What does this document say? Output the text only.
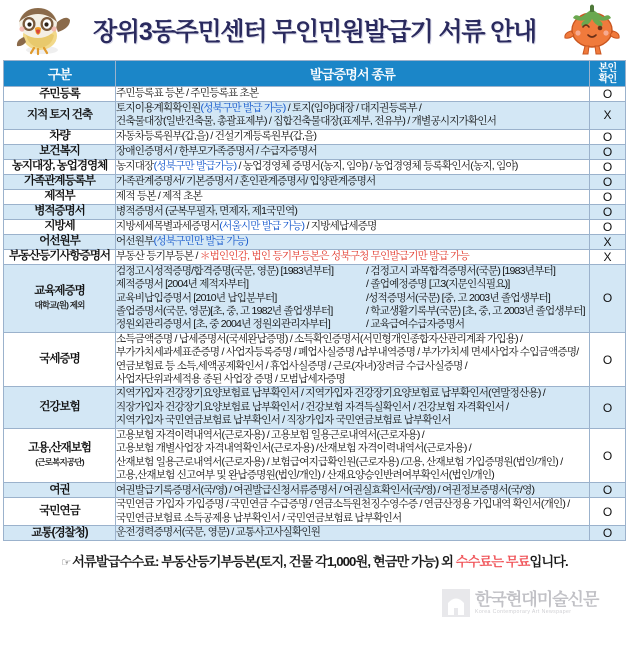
장위3동주민센터 무인민원발급기 서류 안내
구분	발급증명서 종류	본인
확인

주민등록	주민등록표 등본 / 주민등록표 초본	O
지적 토지 건축	토지이용계획확인원(성북구만 발급 가능) / 토지(임야)대장 / 대지권등록부 /
건축물대장(일반건축물, 총괄표제부) / 집합건축물대장(표제부, 전유부) / 개별공시지가확인서	X
차량	자동차등록원부(갑,을) / 건설기계등록원부(갑,을)	O
보건복지	장애인증명서 / 한부모가족증명서 / 수급자증명서	O
농지대장, 농업경영체	농지대장(성북구만 발급가능) / 농업경영체 증명서(농지, 임야) / 농업경영체 등록확인서(농지, 임야)	O
가족관계등록부	가족관계증명서/ 기본증명서 / 혼인관계증명서/ 입양관계증명서	O
제적부	제적 등본 / 제적 초본	O
병적증명서	병적증명서 (군복무필자, 면제자, 제1국민역)	O
지방세	지방세세목별과세증명서(서울시만 발급 가능) / 지방세납세증명	O
어선원부	어선원부(성북구민만 발급 가능)	X
부동산등기사항증명서	부동산 등기부등본 / ＊법인인감, 법인 등기부등본은 성북구청 무인발급기만 발급 가능	X
교육제증명
대학교(원) 제외

검정고시성적증명/합격증명(국문, 영문) [1983년부터]	/ 검정고시 과목합격증명서(국문) [1983년부터]
제적증명서 [2004년 제적자부터]	/ 졸업예정증명 [고3(지문인식필요)]
교육비납입증명서 [2010년 납입분부터]	/성적증명서(국문) [중, 고 2003년 졸업생부터]
졸업증명서(국문, 영문)[초, 중, 고 1982년 졸업생부터]	/ 학교생활기록부(국문) [초, 중, 고 2003년 졸업생부터]
정원외관리증명서 [초, 중 2004년 정원외관리자부터]	/ 교육급여수급자증명서
	O
국세증명	소득금액증명 / 납세증명서(국세완납증명) / 소득확인증명서(서민형개인종합자산관리계좌 가입용) /
부가가치세과세표준증명 / 사업자등록증명 / 폐업사실증명 /납부내역증명 / 부가가치세 면세사업자 수입금액증명/
연금보험료 등 소득,세액공제확인서 / 휴업사실증명 / 근로(자녀)장려금 수급사실증명 /
사업자단위과세적용 종된 사업장 증명 / 모범납세자증명	O
건강보험	지역가입자 건강장기요양보험료 납부확인서 / 지역가입자 건강장기요양보험료 납부확인서(연말정산용) /
직장가입자 건강장기요양보험료 납부확인서 / 건강보험 자격득실확인서 / 건강보험 자격확인서 /
지역가입자 국민연금보험료 납부확인서 / 직장가입자 국민연금보험료 납부확인서	O
고용,산재보험
(근로복지공단)

고용보험 자격이력내역서(근로자용) / 고용보험 일용근로내역서(근로자용) /
고용보험 개별사업장 자격내역확인서(근로자용) /산재보험 자격이력내역서(근로자용) /
산재보험 일용근로내역서(근로자용) / 보험급여지급확인원(근로자용) /고용, 산재보험 가입증명원(법인/개인) /
고용,산재보험 신고여부 및 완납증명원(법인/개인) / 산재요양승인반려여부확인서(법인/개인)
	O
여권	여권발급기록증명서(국/영) / 여권발급신청서류증명서 / 여권실효확인서(국/영) / 여권정보증명서(국/영)	O
국민연금	국민연금 가입자 가입증명 / 국민연금 수급증명 / 연금소득원천징수영수증 / 연금산정용 가입내역 확인서(개인) /
국민연금보험료 소득공제용 납부확인서 / 국민연금보험료 납부확인서	O
교통(경찰청)	운전경력증명서(국문, 영문) / 교통사고사실확인원	O
☞ 서류발급수수료: 부동산등기부등본(토지, 건물 각1,000원, 현금만 가능) 외 수수료는 무료입니다.
한국현대미술신문
Korea Contemporary Art Newspaper
